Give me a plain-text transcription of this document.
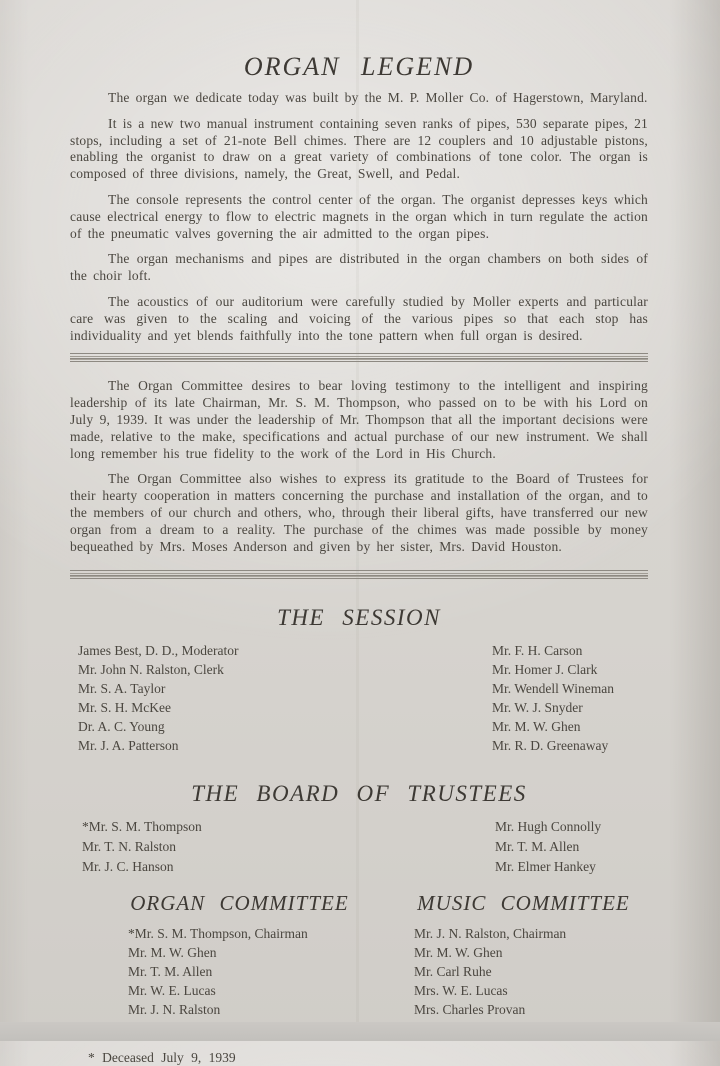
ORGAN LEGEND

The organ we dedicate today was built by the M. P. Moller Co. of Hagerstown, Maryland.

It is a new two manual instrument containing seven ranks of pipes, 530 separate pipes, 21 stops, including a set of 21-note Bell chimes. There are 12 couplers and 10 adjustable pistons, enabling the organist to draw on a great variety of combinations of tone color. The organ is composed of three divisions, namely, the Great, Swell, and Pedal.

The console represents the control center of the organ. The organist depresses keys which cause electrical energy to flow to electric magnets in the organ which in turn regulate the action of the pneumatic valves governing the air admitted to the organ pipes.

The organ mechanisms and pipes are distributed in the organ chambers on both sides of the choir loft.

The acoustics of our auditorium were carefully studied by Moller experts and particular care was given to the scaling and voicing of the various pipes so that each stop has individuality and yet blends faithfully into the tone pattern when full organ is desired.

The Organ Committee desires to bear loving testimony to the intelligent and inspiring leadership of its late Chairman, Mr. S. M. Thompson, who passed on to be with his Lord on July 9, 1939. It was under the leadership of Mr. Thompson that all the important decisions were made, relative to the make, specifications and actual purchase of our new instrument. We shall long remember his true fidelity to the work of the Lord in His Church.

The Organ Committee also wishes to express its gratitude to the Board of Trustees for their hearty cooperation in matters concerning the purchase and installation of the organ, and to the members of our church and others, who, through their liberal gifts, have transferred our new organ from a dream to a reality. The purchase of the chimes was made possible by money bequeathed by Mrs. Moses Anderson and given by her sister, Mrs. David Houston.

THE SESSION
James Best, D. D., Moderator
Mr. John N. Ralston, Clerk
Mr. S. A. Taylor
Mr. S. H. McKee
Dr. A. C. Young
Mr. J. A. Patterson
Mr. F. H. Carson
Mr. Homer J. Clark
Mr. Wendell Wineman
Mr. W. J. Snyder
Mr. M. W. Ghen
Mr. R. D. Greenaway
THE BOARD OF TRUSTEES
*Mr. S. M. Thompson
Mr. T. N. Ralston
Mr. J. C. Hanson
Mr. Hugh Connolly
Mr. T. M. Allen
Mr. Elmer Hankey
ORGAN COMMITTEE
*Mr. S. M. Thompson, Chairman
Mr. M. W. Ghen
Mr. T. M. Allen
Mr. W. E. Lucas
Mr. J. N. Ralston
MUSIC COMMITTEE
Mr. J. N. Ralston, Chairman
Mr. M. W. Ghen
Mr. Carl Ruhe
Mrs. W. E. Lucas
Mrs. Charles Provan

* Deceased July 9, 1939
